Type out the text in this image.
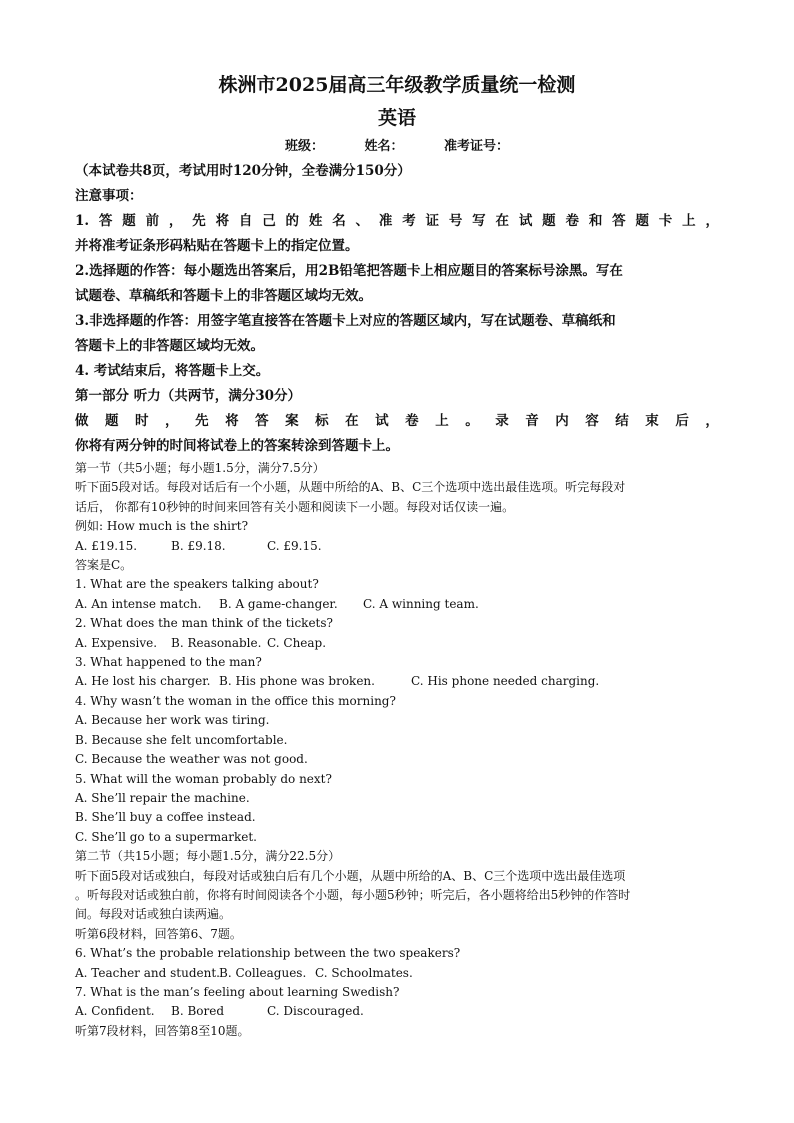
株洲市2025届高三年级教学质量统一检测
英语
班级：	姓名：	准考证号：
（本试卷共8页，考试用时120分钟，全卷满分150分）
注意事项：
1. 答 题 前 ， 先 将 自 己 的 姓 名 、 准 考 证 号 写 在 试 题 卷 和 答 题 卡 上 ，
并将准考证条形码粘贴在答题卡上的指定位置。
2.选择题的作答：每小题选出答案后，用2B铅笔把答题卡上相应题目的答案标号涂黑。写在
试题卷、草稿纸和答题卡上的非答题区域均无效。
3.非选择题的作答：用签字笔直接答在答题卡上对应的答题区域内，写在试题卷、草稿纸和
答题卡上的非答题区域均无效。
4. 考试结束后，将答题卡上交。
第一部分 听力（共两节，满分30分）
做 题 时 ， 先 将 答 案 标 在 试 卷 上 。 录 音 内 容 结 束 后 ，
你将有两分钟的时间将试卷上的答案转涂到答题卡上。
第一节（共5小题；每小题1.5分，满分7.5分）
听下面5段对话。每段对话后有一个小题，从题中所给的A、B、C三个选项中选出最佳选项。听完每段对
话后， 你都有10秒钟的时间来回答有关小题和阅读下一小题。每段对话仅读一遍。
例如: How much is the shirt?
A. £19.15.	B. £9.18.	C. £9.15.
答案是C。
1. What are the speakers talking about?
A. An intense match. B. A game-changer. C. A winning team.
2. What does the man think of the tickets?
A. Expensive. B. Reasonable. C. Cheap.
3. What happened to the man?
A. He lost his charger. B. His phone was broken.	C. His phone needed charging.
4. Why wasn’t the woman in the office this morning?
A. Because her work was tiring.
B. Because she felt uncomfortable.
C. Because the weather was not good.
5. What will the woman probably do next?
A. She’ll repair the machine.
B. She’ll buy a coffee instead.
C. She’ll go to a supermarket.
第二节（共15小题；每小题1.5分，满分22.5分）
听下面5段对话或独白，每段对话或独白后有几个小题，从题中所给的A、B、C三个选项中选出最佳选项
。听每段对话或独白前，你将有时间阅读各个小题，每小题5秒钟；听完后，各小题将给出5秒钟的作答时
间。每段对话或独白读两遍。
听第6段材料，回答第6、7题。
6. What’s the probable relationship between the two speakers?
A. Teacher and student.B. Colleagues. C. Schoolmates.
7. What is the man’s feeling about learning Swedish?
A. Confident. B. Bored	C. Discouraged.
听第7段材料，回答第8至10题。
